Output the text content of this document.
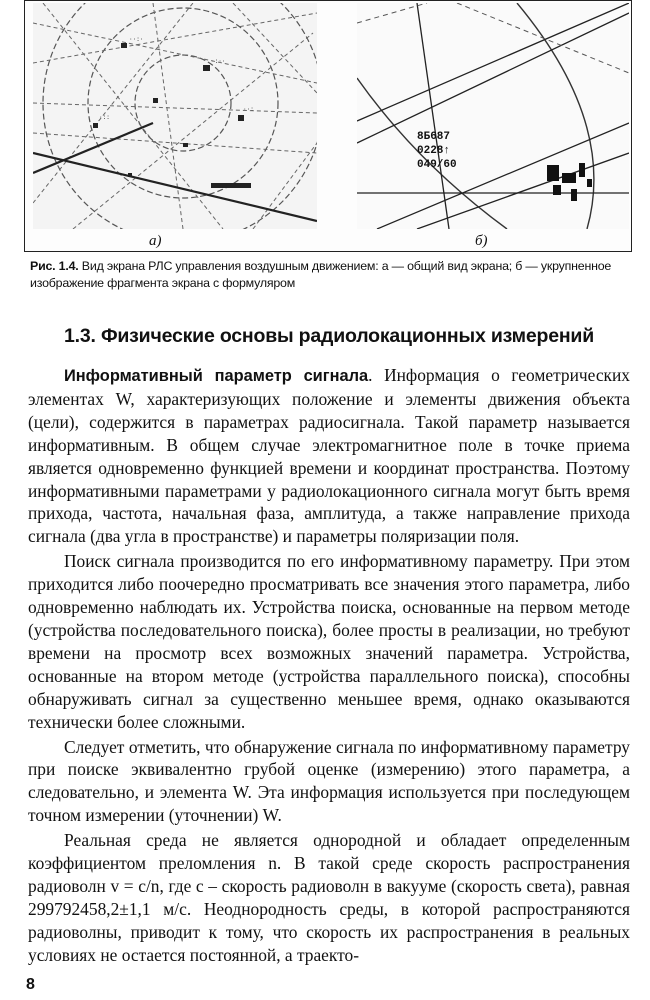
··:·
·:··
··:
·::
а)
8Б687
0228↑
049/60
б)
Рис. 1.4. Вид экрана РЛС управления воздушным движением: а — общий вид экрана; б — укрупненное изображение фрагмента экрана с формуляром
1.3. Физические основы радиолокационных измерений

Информативный параметр сигнала. Информация о геометрических элементах W, характеризующих положение и элементы движения объекта (цели), содержится в параметрах радиосигнала. Такой параметр называется информативным. В общем случае электромагнитное поле в точке приема является одновременно функцией времени и координат пространства. Поэтому информативными параметрами у радиолокационного сигнала могут быть время прихода, частота, начальная фаза, амплитуда, а также направление прихода сигнала (два угла в пространстве) и параметры поляризации поля.

Поиск сигнала производится по его информативному параметру. При этом приходится либо поочередно просматривать все значения этого параметра, либо одновременно наблюдать их. Устройства поиска, основанные на первом методе (устройства последовательного поиска), более просты в реализации, но требуют времени на просмотр всех возможных значений параметра. Устройства, основанные на втором методе (устройства параллельного поиска), способны обнаруживать сигнал за существенно меньшее время, однако оказываются технически более сложными.

Следует отметить, что обнаружение сигнала по информативному параметру при поиске эквивалентно грубой оценке (измерению) этого параметра, а следовательно, и элемента W. Эта информация используется при последующем точном измерении (уточнении) W.

Реальная среда не является однородной и обладает определенным коэффициентом преломления n. В такой среде скорость распространения радиоволн v = c/n, где c – скорость радиоволн в вакууме (скорость света), равная 299792458,2±1,1 м/с. Неоднородность среды, в которой распространяются радиоволны, приводит к тому, что скорость их распространения в реальных условиях не остается постоянной, а траекто-

8
